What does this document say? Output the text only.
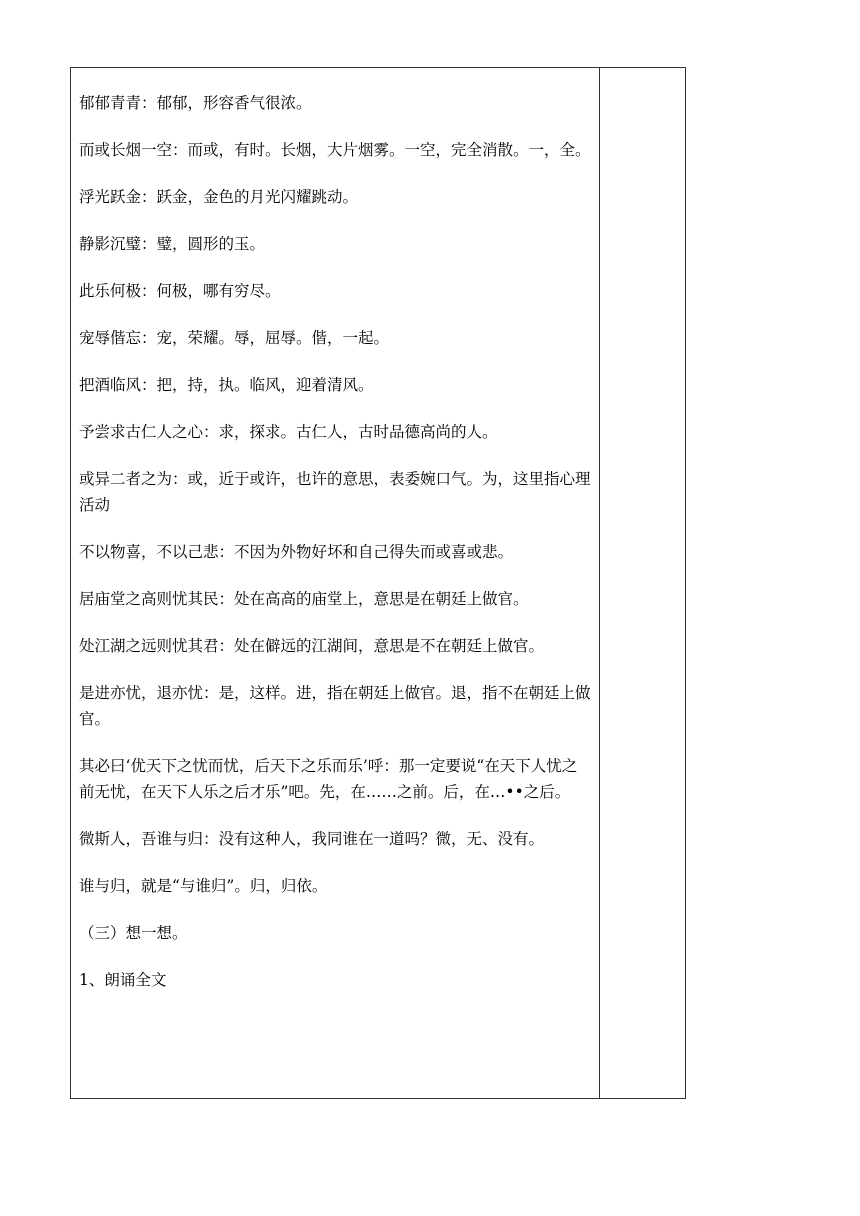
郁郁青青：郁郁，形容香气很浓。

而或长烟一空：而或，有时。长烟，大片烟雾。一空，完全消散。一，全。

浮光跃金：跃金，金色的月光闪耀跳动。

静影沉璧：璧，圆形的玉。

此乐何极：何极，哪有穷尽。

宠辱偕忘：宠，荣耀。辱，屈辱。偕，一起。

把酒临风：把，持，执。临风，迎着清风。

予尝求古仁人之心：求，探求。古仁人，古时品德高尚的人。

或异二者之为：或，近于或许，也许的意思，表委婉口气。为，这里指心理活动

不以物喜，不以己悲：不因为外物好坏和自己得失而或喜或悲。

居庙堂之高则忧其民：处在高高的庙堂上，意思是在朝廷上做官。

处江湖之远则忧其君：处在僻远的江湖间，意思是不在朝廷上做官。

是进亦忧，退亦忧：是，这样。进，指在朝廷上做官。退，指不在朝廷上做官。

其必曰‘优天下之忧而忧，后天下之乐而乐’呼：那一定要说“在天下人忧之前无忧，在天下人乐之后才乐”吧。先，在……之前。后，在…••之后。

微斯人，吾谁与归：没有这种人，我同谁在一道吗？微，无、没有。

谁与归，就是“与谁归”。归，归依。

（三）想一想。

1、朗诵全文
